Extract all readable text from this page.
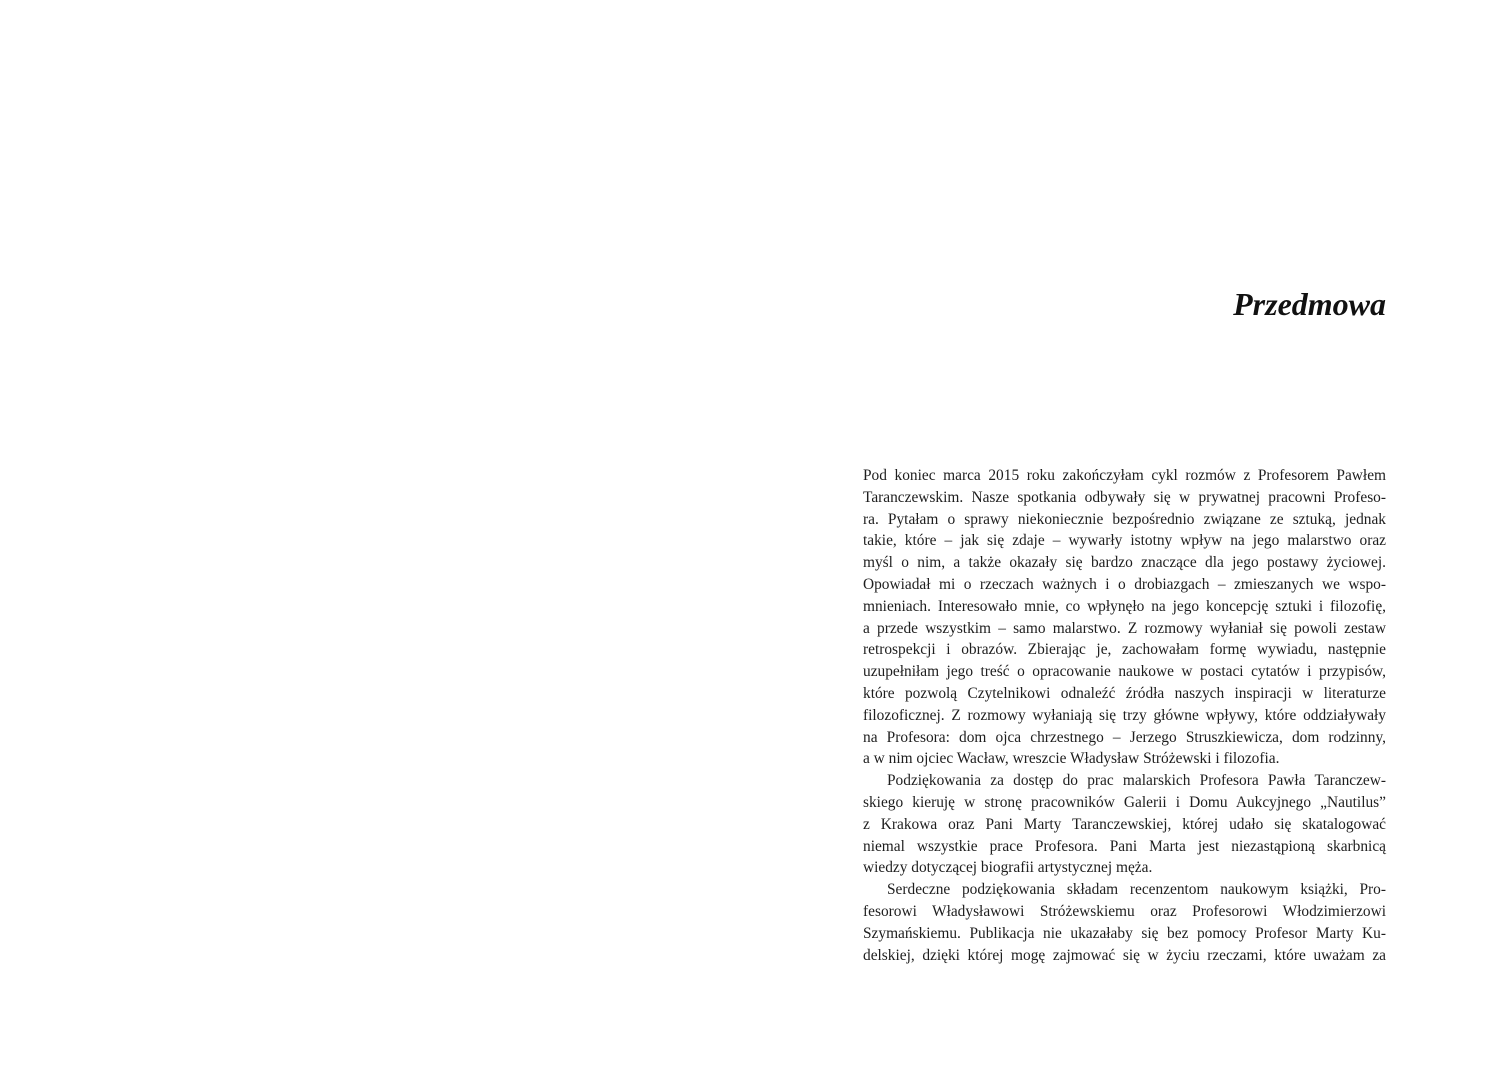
Przedmowa

Pod koniec marca 2015 roku zakończyłam cykl rozmów z Profesorem Pawłem
Taranczewskim. Nasze spotkania odbywały się w prywatnej pracowni Profeso-
ra. Pytałam o sprawy niekoniecznie bezpośrednio związane ze sztuką, jednak
takie, które – jak się zdaje – wywarły istotny wpływ na jego malarstwo oraz
myśl o nim, a także okazały się bardzo znaczące dla jego postawy życiowej.
Opowiadał mi o rzeczach ważnych i o drobiazgach – zmieszanych we wspo-
mnieniach. Interesowało mnie, co wpłynęło na jego koncepcję sztuki i filozofię,
a przede wszystkim – samo malarstwo. Z rozmowy wyłaniał się powoli zestaw
retrospekcji i obrazów. Zbierając je, zachowałam formę wywiadu, następnie
uzupełniłam jego treść o opracowanie naukowe w postaci cytatów i przypisów,
które pozwolą Czytelnikowi odnaleźć źródła naszych inspiracji w literaturze
filozoficznej. Z rozmowy wyłaniają się trzy główne wpływy, które oddziaływały
na Profesora: dom ojca chrzestnego – Jerzego Struszkiewicza, dom rodzinny,
a w nim ojciec Wacław, wreszcie Władysław Stróżewski i filozofia.

Podziękowania za dostęp do prac malarskich Profesora Pawła Taranczew-
skiego kieruję w stronę pracowników Galerii i Domu Aukcyjnego „Nautilus”
z Krakowa oraz Pani Marty Taranczewskiej, której udało się skatalogować
niemal wszystkie prace Profesora. Pani Marta jest niezastąpioną skarbnicą
wiedzy dotyczącej biografii artystycznej męża.

Serdeczne podziękowania składam recenzentom naukowym książki, Pro-
fesorowi Władysławowi Stróżewskiemu oraz Profesorowi Włodzimierzowi
Szymańskiemu. Publikacja nie ukazałaby się bez pomocy Profesor Marty Ku-
delskiej, dzięki której mogę zajmować się w życiu rzeczami, które uważam za
